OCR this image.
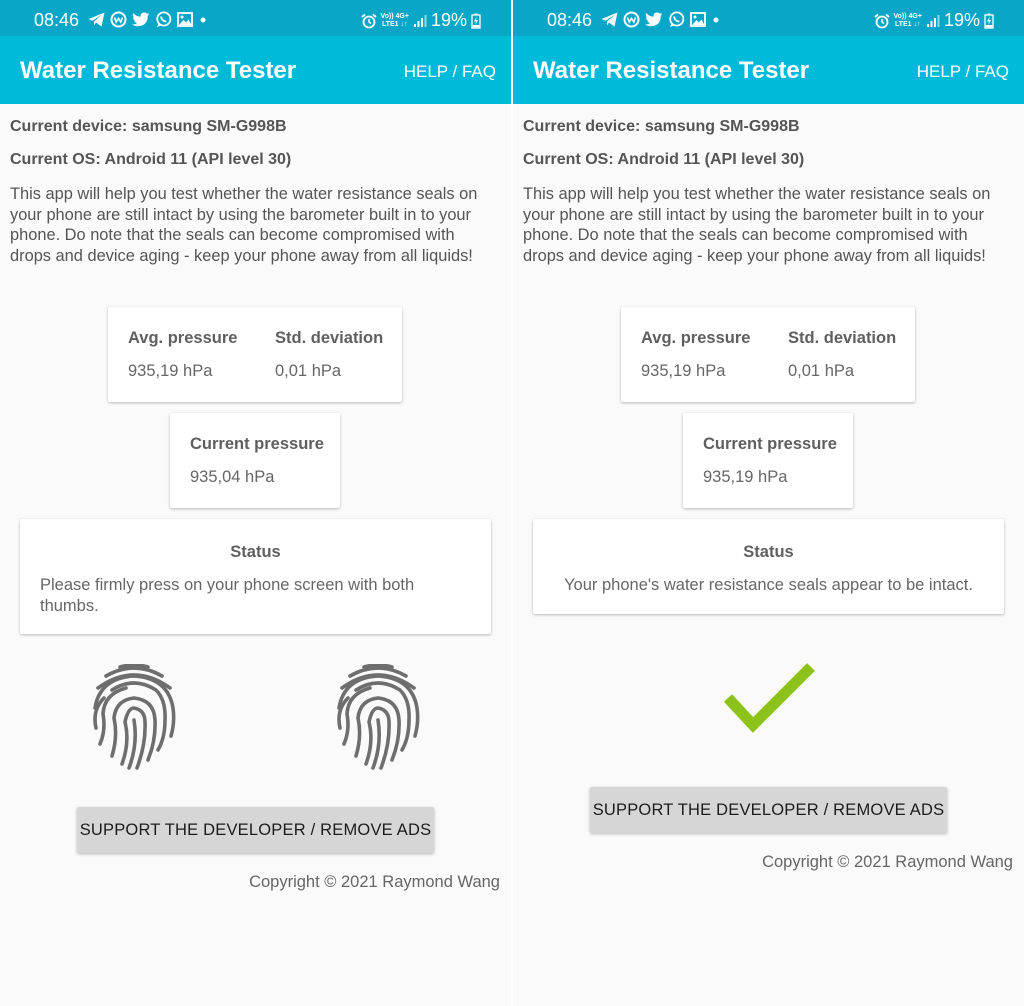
08:46	Vo)) 4G+
LTE1 ↓↑ 19%
Water Resistance Tester	HELP / FAQ
Current device: samsung SM-G998B
Current OS: Android 11 (API level 30)
This app will help you test whether the water resistance seals on your phone are still intact by using the barometer built in to your phone. Do note that the seals can become compromised with drops and device aging - keep your phone away from all liquids!
Avg. pressure
935,19 hPa
Std. deviation
0,01 hPa
Current pressure
935,04 hPa
Status
Please firmly press on your phone screen with both thumbs.
SUPPORT THE DEVELOPER / REMOVE ADS
Copyright © 2021 Raymond Wang
08:46	Vo)) 4G+
LTE1 ↓↑ 19%
Water Resistance Tester	HELP / FAQ
Current device: samsung SM-G998B
Current OS: Android 11 (API level 30)
This app will help you test whether the water resistance seals on your phone are still intact by using the barometer built in to your phone. Do note that the seals can become compromised with drops and device aging - keep your phone away from all liquids!
Avg. pressure
935,19 hPa
Std. deviation
0,01 hPa
Current pressure
935,19 hPa
Status
Your phone's water resistance seals appear to be intact.
SUPPORT THE DEVELOPER / REMOVE ADS
Copyright © 2021 Raymond Wang
